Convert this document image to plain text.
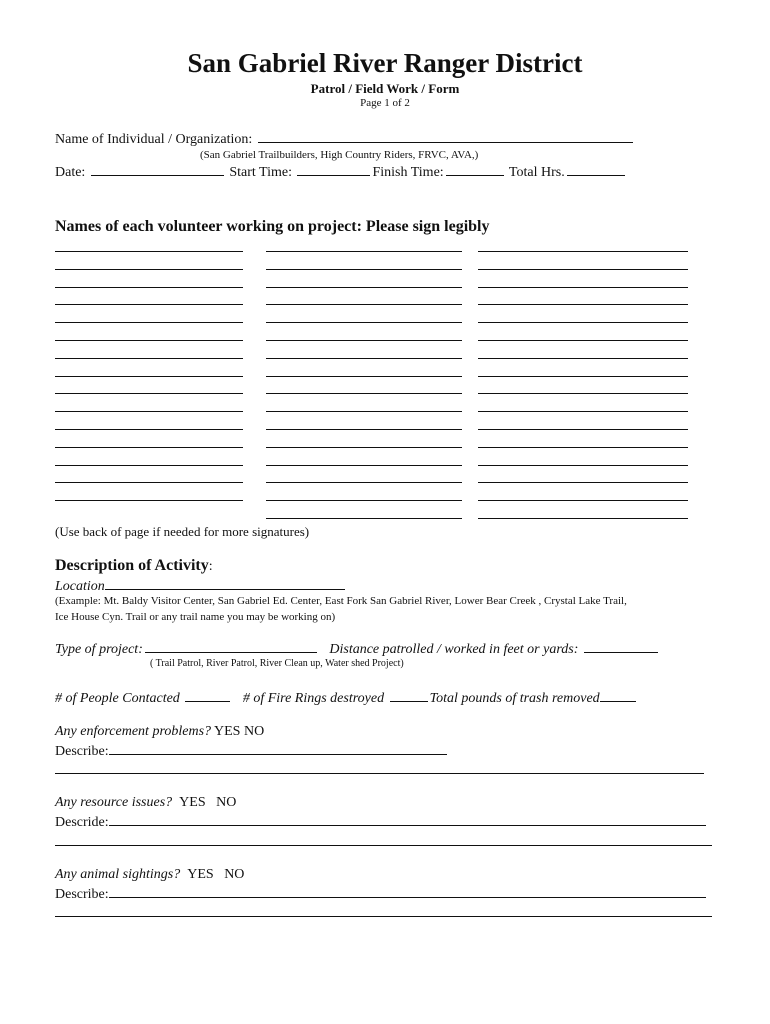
San Gabriel River Ranger District
Patrol / Field Work / Form
Page 1 of 2
Name of Individual / Organization:
(San Gabriel Trailbuilders, High Country Riders, FRVC, AVA,)
Date:	Start Time:	Finish Time:	Total Hrs.
Names of each volunteer working on project: Please sign legibly
(Use back of page if needed for more signatures)
Description of Activity:
Location
(Example: Mt. Baldy Visitor Center, San Gabriel Ed. Center, East Fork San Gabriel River, Lower Bear Creek , Crystal Lake Trail,
Ice House Cyn. Trail or any trail name you may be working on)
Type of project:	Distance patrolled / worked in feet or yards:
( Trail Patrol, River Patrol, River Clean up, Water shed Project)
# of People Contacted	# of Fire Rings destroyed	Total pounds of trash removed
Any enforcement problems? YES NO
Describe:
Any resource issues? YES NO
Descride:
Any animal sightings? YES NO
Describe:
